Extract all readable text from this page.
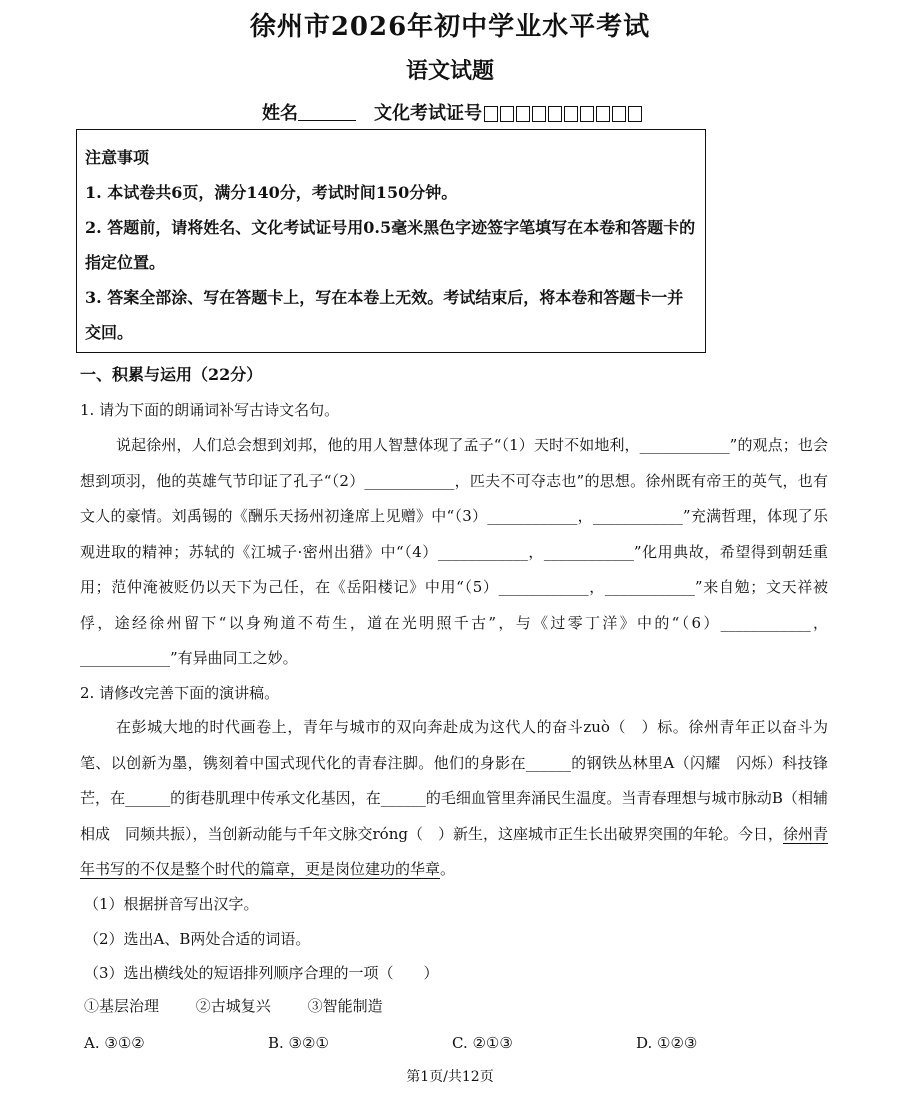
徐州市2026年初中学业水平考试
语文试题
姓名	文化考试证号

注意事项

1. 本试卷共6页，满分140分，考试时间150分钟。

2. 答题前，请将姓名、文化考试证号用0.5毫米黑色字迹签字笔填写在本卷和答题卡的指定位置。

3. 答案全部涂、写在答题卡上，写在本卷上无效。考试结束后，将本卷和答题卡一并交回。

一、积累与运用（22分）
1. 请为下面的朗诵词补写古诗文名句。
说起徐州，人们总会想到刘邦，他的用人智慧体现了孟子“（1）天时不如地利，____________”的观点；也会想到项羽，他的英雄气节印证了孔子“（2）____________，匹夫不可夺志也”的思想。徐州既有帝王的英气，也有文人的豪情。刘禹锡的《酬乐天扬州初逢席上见赠》中“（3）____________，____________”充满哲理，体现了乐观进取的精神；苏轼的《江城子·密州出猎》中“（4）____________，____________”化用典故，希望得到朝廷重用；范仲淹被贬仍以天下为己任，在《岳阳楼记》中用“（5）____________，____________”来自勉；文天祥被俘，途经徐州留下“以身殉道不苟生，道在光明照千古”，与《过零丁洋》中的“（6）____________，____________”有异曲同工之妙。
2. 请修改完善下面的演讲稿。
在彭城大地的时代画卷上，青年与城市的双向奔赴成为这代人的奋斗zuò（　）标。徐州青年正以奋斗为笔、以创新为墨，镌刻着中国式现代化的青春注脚。他们的身影在______的钢铁丛林里A（闪耀　闪烁）科技锋芒，在______的街巷肌理中传承文化基因，在______的毛细血管里奔涌民生温度。当青春理想与城市脉动B（相辅相成　同频共振），当创新动能与千年文脉交róng（　）新生，这座城市正生长出破界突围的年轮。今日，徐州青年书写的不仅是整个时代的篇章，更是岗位建功的华章。
（1）根据拼音写出汉字。
（2）选出A、B两处合适的词语。
（3）选出横线处的短语排列顺序合理的一项（　　）
①基层治理 ②古城复兴 ③智能制造
A. ③①②	B. ③②①	C. ②①③	D. ①②③
第1页/共12页
